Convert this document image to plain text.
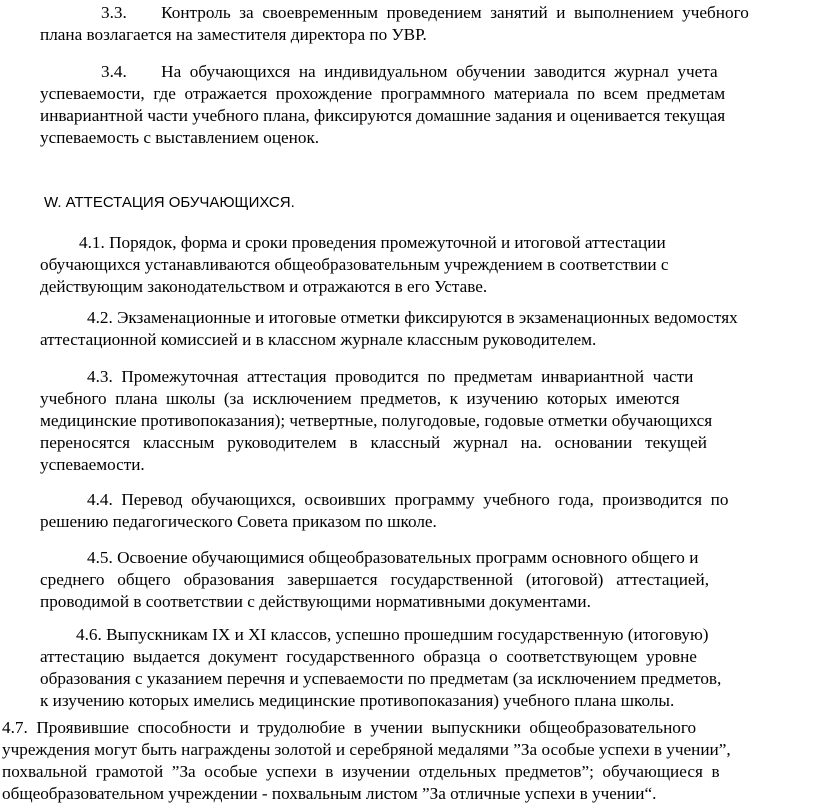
3.3.        Контроль  за  своевременным  проведением  занятий  и  выполнением  учебного
плана возлагается на заместителя директора по УВР.
3.4.        На  обучающихся  на  индивидуальном  обучении  заводится  журнал  учета
успеваемости,  где  отражается  прохождение  программного  материала  по  всем  предметам
инвариантной части учебного плана, фиксируются домашние задания и оценивается текущая
успеваемость с выставлением оценок.
W. АТТЕСТАЦИЯ ОБУЧАЮЩИХСЯ.
4.1. Порядок, форма и сроки проведения промежуточной и итоговой аттестации
обучающихся устанавливаются общеобразовательным учреждением в соответствии с
действующим законодательством и отражаются в его Уставе.
4.2. Экзаменационные и итоговые отметки фиксируются в экзаменационных ведомостях
аттестационной комиссией и в классном журнале классным руководителем.
4.3.  Промежуточная  аттестация  проводится  по  предметам  инвариантной  части
учебного  плана  школы  (за  исключением  предметов,  к  изучению  которых  имеются
медицинские противопоказания); четвертные, полугодовые, годовые отметки обучающихся
переносятся   классным   руководителем   в   классный   журнал   на.   основании   текущей
успеваемости.
4.4.  Перевод  обучающихся,  освоивших  программу  учебного  года,  производится  по
решению педагогического Совета приказом по школе.
4.5. Освоение обучающимися общеобразовательных программ основного общего и
среднего   общего   образования   завершается   государственной   (итоговой)   аттестацией,
проводимой в соответствии с действующими нормативными документами.
4.6. Выпускникам IX и XI классов, успешно прошедшим государственную (итоговую)
аттестацию  выдается  документ  государственного  образца  о  соответствующем  уровне
образования с указанием перечня и успеваемости по предметам (за исключением предметов,
к изучению которых имелись медицинские противопоказания) учебного плана школы.
4.7.  Проявившие  способности  и  трудолюбие  в  учении  выпускники  общеобразовательного
учреждения могут быть награждены золотой и серебряной медалями ”За особые успехи в учении”,
похвальной  грамотой  ”За  особые  успехи  в  изучении  отдельных  предметов”;  обучающиеся  в
общеобразовательном учреждении - похвальным листом ”За отличные успехи в учении“.
